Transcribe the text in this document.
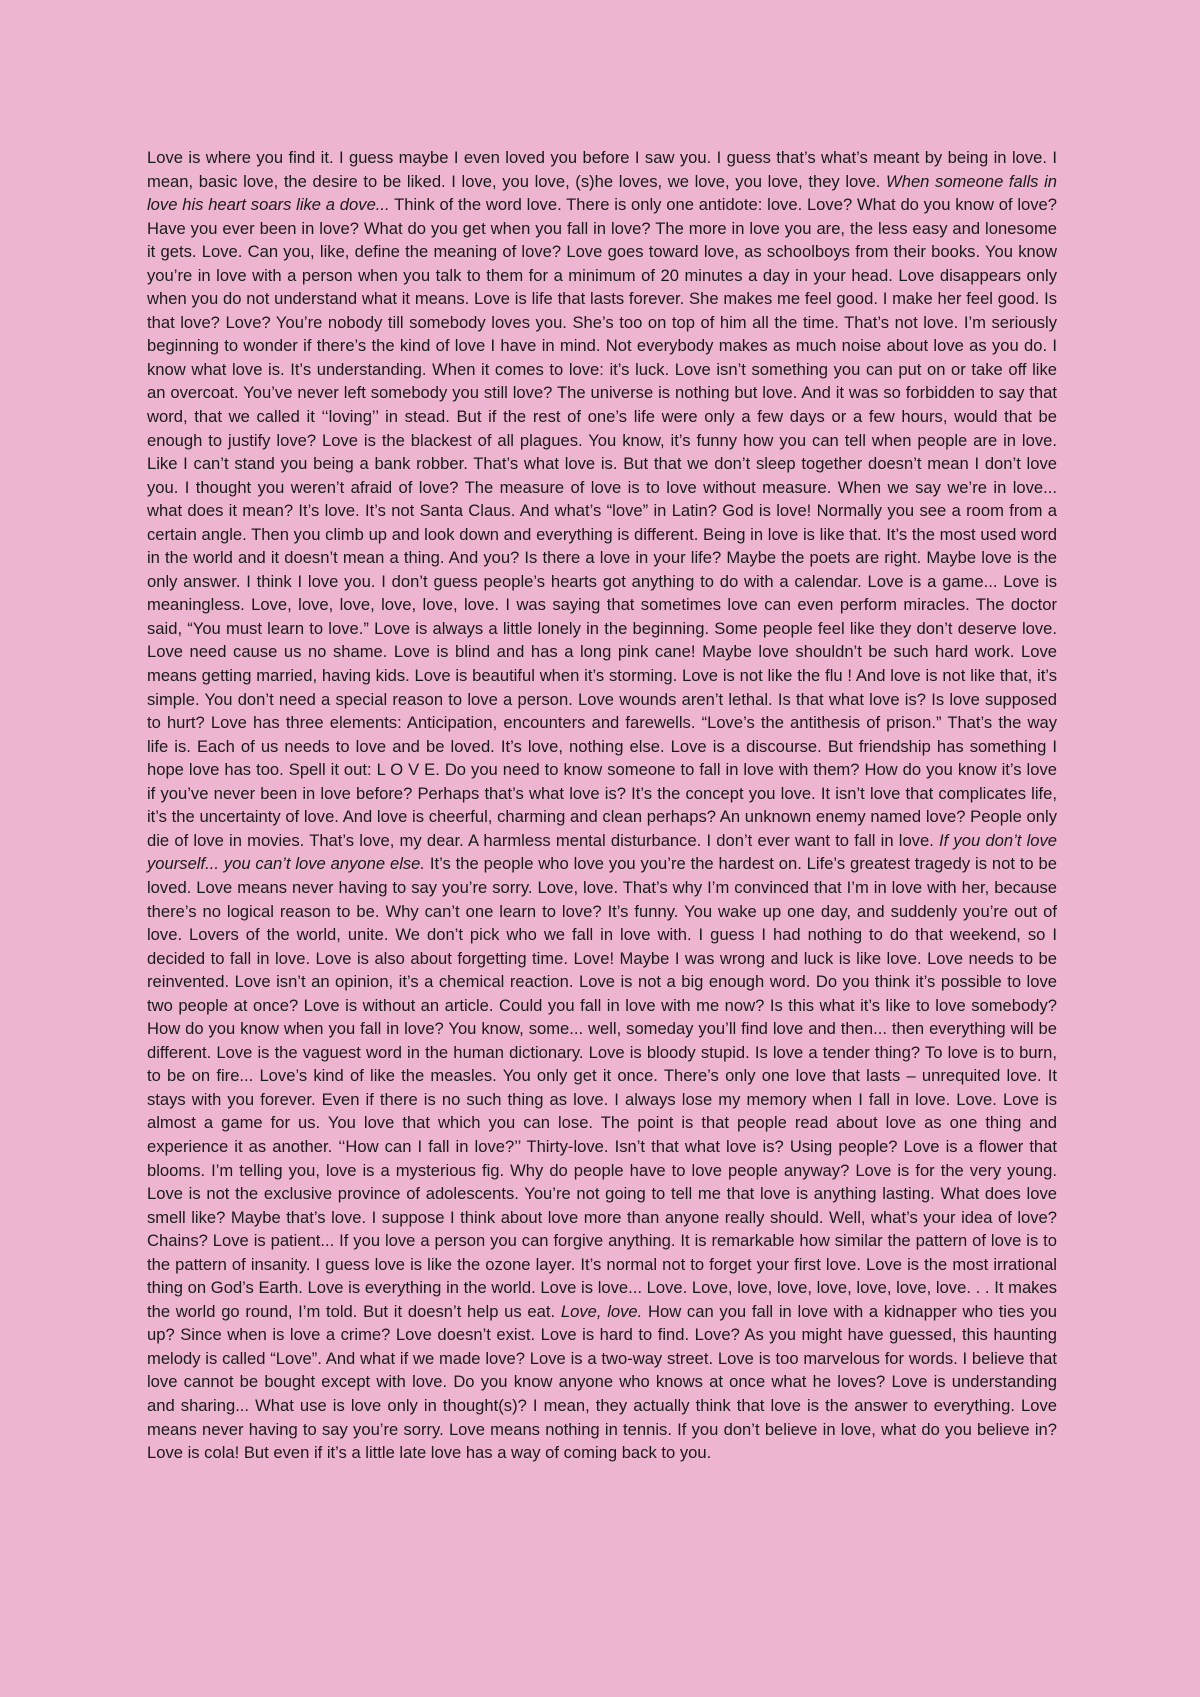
Love is where you find it. I guess maybe I even loved you before I saw you. I guess that’s what’s meant by being in love. I mean, basic love, the desire to be liked. I love, you love, (s)he loves, we love, you love, they love. When someone falls in love his heart soars like a dove... Think of the word love. There is only one antidote: love. Love? What do you know of love? Have you ever been in love? What do you get when you fall in love? The more in love you are, the less easy and lonesome it gets. Love. Can you, like, define the meaning of love? Love goes toward love, as schoolboys from their books. You know you’re in love with a person when you talk to them for a minimum of 20 minutes a day in your head. Love disappears only when you do not understand what it means. Love is life that lasts forever. She makes me feel good. I make her feel good. Is that love? Love? You’re nobody till somebody loves you. She’s too on top of him all the time. That’s not love. I’m seriously beginning to wonder if there’s the kind of love I have in mind. Not everybody makes as much noise about love as you do. I know what love is. It’s understanding. When it comes to love: it’s luck. Love isn’t something you can put on or take off like an overcoat. You’ve never left somebody you still love? The universe is nothing but love. And it was so forbidden to say that word, that we called it ‘‘loving’’ in stead. But if the rest of one’s life were only a few days or a few hours, would that be enough to justify love? Love is the blackest of all plagues. You know, it’s funny how you can tell when people are in love. Like I can’t stand you being a bank robber. That’s what love is. But that we don’t sleep together doesn’t mean I don’t love you. I thought you weren’t afraid of love? The measure of love is to love without measure. When we say we’re in love... what does it mean? It’s love. It’s not Santa Claus. And what’s “love” in Latin? God is love! Normally you see a room from a certain angle. Then you climb up and look down and everything is different. Being in love is like that. It’s the most used word in the world and it doesn’t mean a thing. And you? Is there a love in your life? Maybe the poets are right. Maybe love is the only answer. I think I love you. I don’t guess people’s hearts got anything to do with a calendar. Love is a game... Love is meaningless. Love, love, love, love, love, love. I was saying that sometimes love can even perform miracles. The doctor said, “You must learn to love.” Love is always a little lonely in the beginning. Some people feel like they don’t deserve love. Love need cause us no shame. Love is blind and has a long pink cane! Maybe love shouldn’t be such hard work. Love means getting married, having kids. Love is beautiful when it’s storming. Love is not like the flu ! And love is not like that, it’s simple. You don’t need a special reason to love a person. Love wounds aren’t lethal. Is that what love is? Is love supposed to hurt? Love has three elements: Anticipation, encounters and farewells. “Love’s the antithesis of prison.” That’s the way life is. Each of us needs to love and be loved. It’s love, nothing else. Love is a discourse. But friendship has something I hope love has too. Spell it out: L O V E. Do you need to know someone to fall in love with them? How do you know it’s love if you’ve never been in love before? Perhaps that’s what love is? It’s the concept you love. It isn’t love that complicates life, it’s the uncertainty of love. And love is cheerful, charming and clean perhaps? An unknown enemy named love? People only die of love in movies. That’s love, my dear. A harmless mental disturbance. I don’t ever want to fall in love. If you don’t love yourself... you can’t love anyone else. It’s the people who love you you’re the hardest on. Life’s greatest tragedy is not to be loved. Love means never having to say you’re sorry. Love, love. That’s why I’m convinced that I’m in love with her, because there’s no logical reason to be. Why can’t one learn to love? It’s funny. You wake up one day, and suddenly you’re out of love. Lovers of the world, unite. We don’t pick who we fall in love with. I guess I had nothing to do that weekend, so I decided to fall in love. Love is also about forgetting time. Love! Maybe I was wrong and luck is like love. Love needs to be reinvented. Love isn’t an opinion, it’s a chemical reaction. Love is not a big enough word. Do you think it’s possible to love two people at once? Love is without an article. Could you fall in love with me now? Is this what it’s like to love somebody? How do you know when you fall in love? You know, some... well, someday you’ll find love and then... then everything will be different. Love is the vaguest word in the human dictionary. Love is bloody stupid. Is love a tender thing? To love is to burn, to be on fire... Love’s kind of like the measles. You only get it once. There’s only one love that lasts – unrequited love. It stays with you forever. Even if there is no such thing as love. I always lose my memory when I fall in love. Love. Love is almost a game for us. You love that which you can lose. The point is that people read about love as one thing and experience it as another. ‘‘How can I fall in love?’’ Thirty-love. Isn’t that what love is? Using people? Love is a flower that blooms. I’m telling you, love is a mysterious fig. Why do people have to love people anyway? Love is for the very young. Love is not the exclusive province of adolescents. You’re not going to tell me that love is anything lasting. What does love smell like? Maybe that’s love. I suppose I think about love more than anyone really should. Well, what’s your idea of love? Chains? Love is patient... If you love a person you can forgive anything. It is remarkable how similar the pattern of love is to the pattern of insanity. I guess love is like the ozone layer. It’s normal not to forget your first love. Love is the most irrational thing on God’s Earth. Love is everything in the world. Love is love... Love. Love, love, love, love, love, love, love. . . It makes the world go round, I’m told. But it doesn’t help us eat. Love, love. How can you fall in love with a kidnapper who ties you up? Since when is love a crime? Love doesn’t exist. Love is hard to find. Love? As you might have guessed, this haunting melody is called “Love”. And what if we made love? Love is a two-way street. Love is too marvelous for words. I believe that love cannot be bought except with love. Do you know anyone who knows at once what he loves? Love is understanding and sharing... What use is love only in thought(s)? I mean, they actually think that love is the answer to everything. Love means never having to say you’re sorry. Love means nothing in tennis. If you don’t believe in love, what do you believe in? Love is cola! But even if it’s a little late love has a way of coming back to you.
